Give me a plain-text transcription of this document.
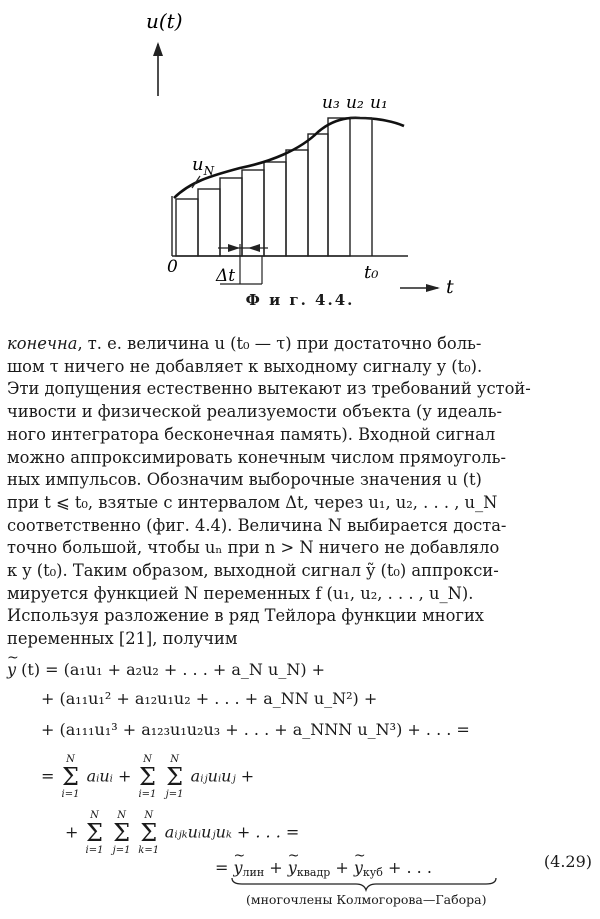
u(t)
$u_N$
u₃ u₂ u₁
0 Δt	t₀
t
Ф и г. 4.4.

конечна, т. е. величина u (t₀ — τ) при достаточно боль-

шом τ ничего не добавляет к выходному сигналу y (t₀).

Эти допущения естественно вытекают из требований устой-

чивости и физической реализуемости объекта (у идеаль-

ного интегратора бесконечная память). Входной сигнал

можно аппроксимировать конечным числом прямоуголь-

ных импульсов. Обозначим выборочные значения u (t)

при t ⩽ t₀, взятые с интервалом Δt, через u₁, u₂, . . . , u_N

соответственно (фиг. 4.4). Величина N выбирается доста-

точно большой, чтобы uₙ при n > N ничего не добавляло

к y (t₀). Таким образом, выходной сигнал ỹ (t₀) аппрокси-

мируется функцией N переменных f (u₁, u₂, . . . , u_N).

Используя разложение в ряд Тейлора функции многих

переменных [21], получим

~ y (t) = (a₁u₁ + a₂u₂ + . . . + a_N u_N) +
+ (a₁₁u₁² + a₁₂u₁u₂ + . . . + a_NN u_N²) +
+ (a₁₁₁u₁³ + a₁₂₃u₁u₂u₃ + . . . + a_NNN u_N³) + . . . =
=
N
Σ
i=1
aᵢuᵢ +
N
Σ
i=1

N
Σ
j=1
aᵢⱼuᵢuⱼ +
+
N
Σ
i=1

N
Σ
j=1

N
Σ
k=1
aᵢⱼₖuᵢuⱼuₖ + . . . =
= ~ $y_{лин}$ + ~ $y_{квадр}$ + ~ $y_{куб}$ + . . .	(4.29)
(многочлены Колмогорова—Габора)
